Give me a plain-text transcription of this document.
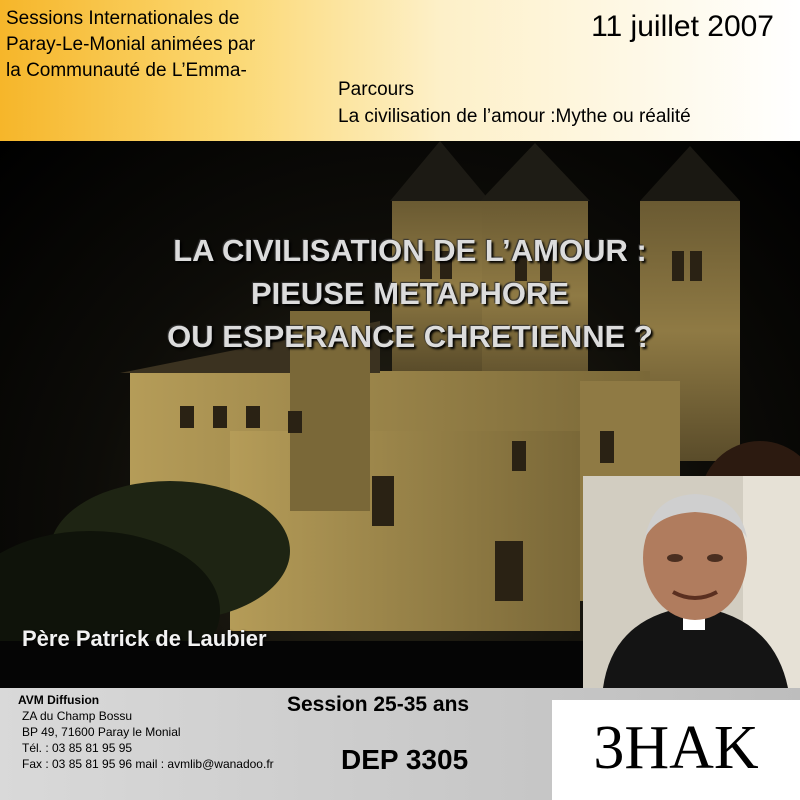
Sessions Internationales de
Paray-Le-Monial animées par
la Communauté de L’Emma-
11 juillet 2007
Parcours
La civilisation de l’amour :Mythe ou réalité
LA CIVILISATION DE L’AMOUR :
PIEUSE METAPHORE
OU ESPERANCE CHRETIENNE ?
Père Patrick de Laubier
AVM Diffusion
ZA du Champ Bossu
BP 49, 71600 Paray le Monial
Tél. : 03 85 81 95 95
Fax : 03 85 81 95 96 mail : avmlib@wanadoo.fr
Session 25-35 ans
DEP 3305	3HAK
